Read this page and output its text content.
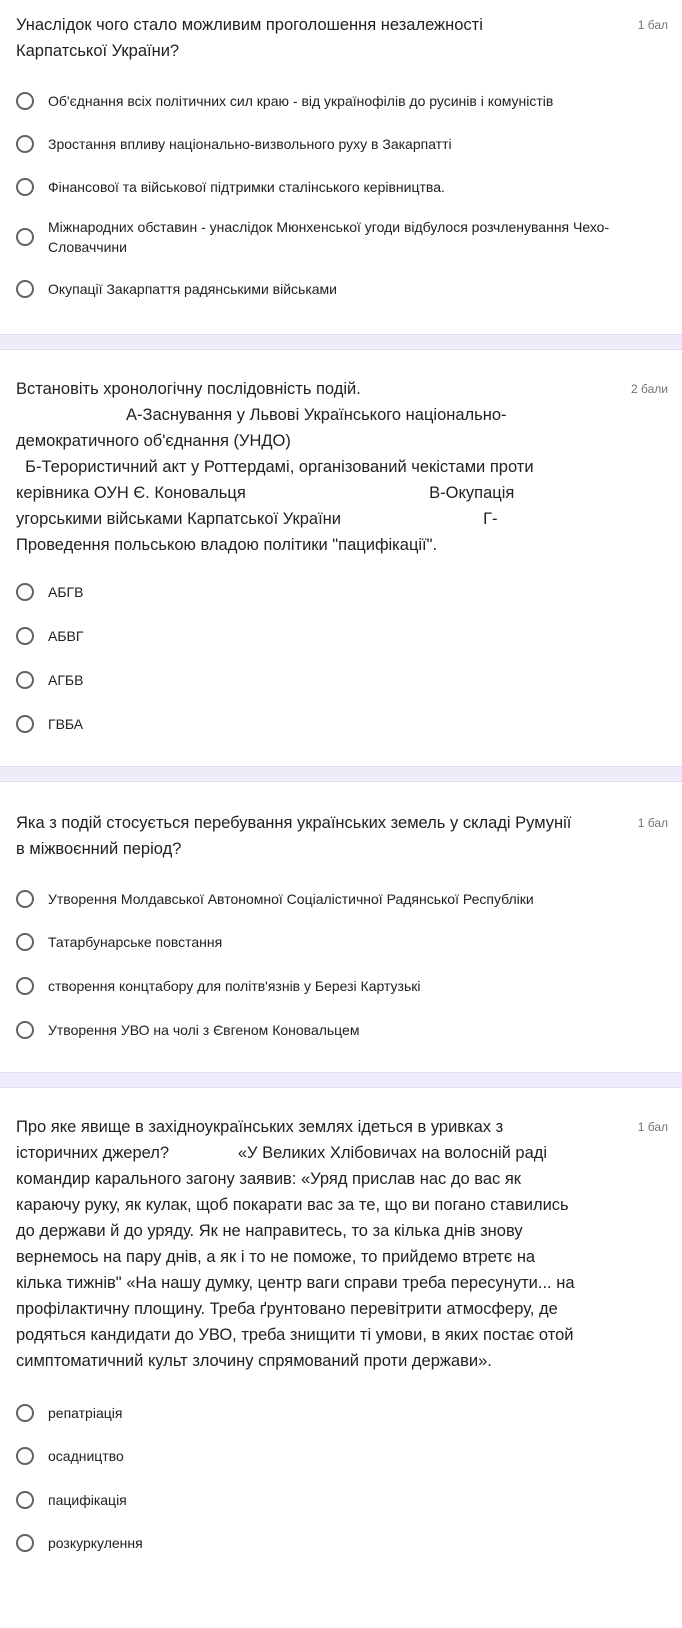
Унаслідок чого стало можливим проголошення незалежності
Карпатської України?

1 бал
Об'єднання всіх політичних сил краю - від українофілів до русинів і комуністів
Зростання впливу національно-визвольного руху в Закарпатті
Фінансової та військової підтримки сталінського керівництва.
Міжнародних обставин - унаслідок Мюнхенської угоди відбулося розчленування Чехо-Словаччини
Окупації Закарпаття радянськими військами

Встановіть хронологічну послідовність подій.
А-Заснування у Львові Українського національно-
демократичного об'єднання (УНДО)
Б-Терористичний акт у Роттердамі, організований чекістами проти
керівника ОУН Є. Коновальця                                        В-Окупація
угорськими військами Карпатської України                               Г-
Проведення польською владою політики "пацифікації".

2 бали
АБГВ
АБВГ
АГБВ
ГВБА

Яка з подій стосується перебування українських земель у складі Румунії
в міжвоєнний період?

1 бал
Утворення Молдавської Автономної Соціалістичної Радянської Республіки
Татарбунарське повстання
створення концтабору для політв'язнів у Березі Картузькі
Утворення УВО на чолі з Євгеном Коновальцем

Про яке явище в західноукраїнських землях ідеться в уривках з
історичних джерел?               «У Великих Хлібовичах на волосній раді
командир карального загону заявив: «Уряд прислав нас до вас як
караючу руку, як кулак, щоб покарати вас за те, що ви погано ставились
до держави й до уряду. Як не направитесь, то за кілька днів знову
вернемось на пару днів, а як і то не поможе, то прийдемо втретє на
кілька тижнів" «На нашу думку, центр ваги справи треба пересунути... на
профілактичну площину. Треба ґрунтовано перевітрити атмосферу, де
родяться кандидати до УВО, треба знищити ті умови, в яких постає отой
симптоматичний культ злочину спрямований проти держави».

1 бал
репатріація
осадництво
пацифікація
розкуркулення
